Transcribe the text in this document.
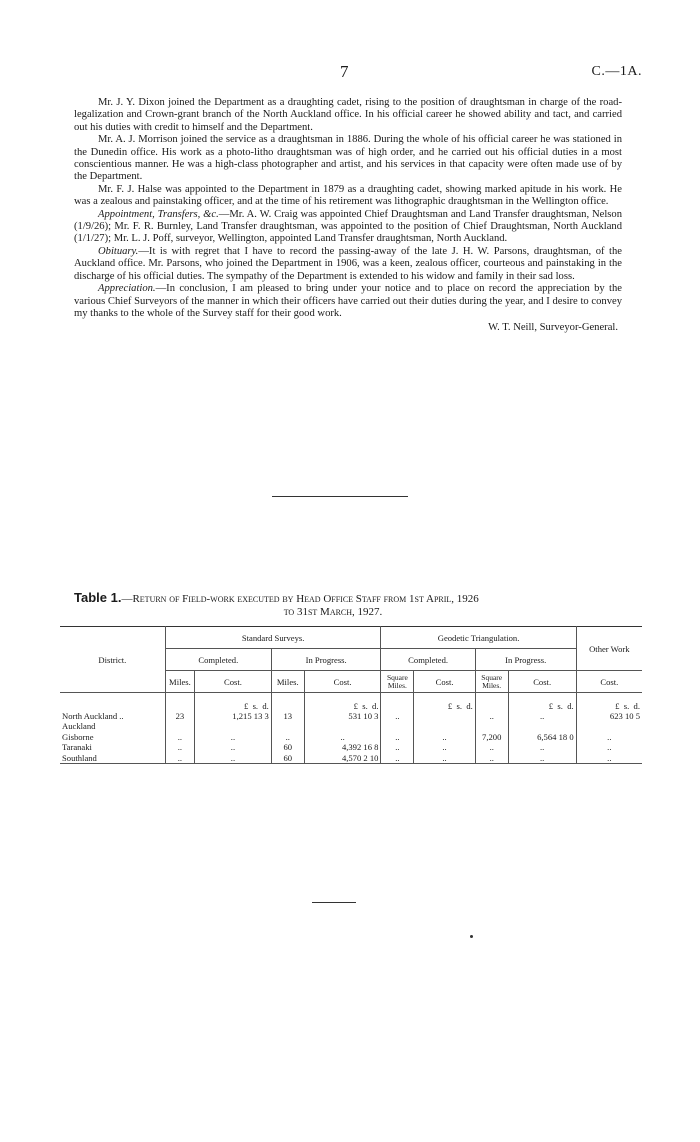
7	C.—1A.

Mr. J. Y. Dixon joined the Department as a draughting cadet, rising to the position of draughtsman in charge of the road-legalization and Crown-grant branch of the North Auckland office. In his official career he showed ability and tact, and carried out his duties with credit to himself and the Department.

Mr. A. J. Morrison joined the service as a draughtsman in 1886. During the whole of his official career he was stationed in the Dunedin office. His work as a photo-litho draughtsman was of high order, and he carried out his official duties in a most conscientious manner. He was a high-class photographer and artist, and his services in that capacity were often made use of by the Department.

Mr. F. J. Halse was appointed to the Department in 1879 as a draughting cadet, showing marked apitude in his work. He was a zealous and painstaking officer, and at the time of his retirement was lithographic draughtsman in the Wellington office.

Appointment, Transfers, &c.—Mr. A. W. Craig was appointed Chief Draughtsman and Land Transfer draughtsman, Nelson (1/9/26); Mr. F. R. Burnley, Land Transfer draughtsman, was appointed to the position of Chief Draughtsman, North Auckland (1/1/27); Mr. L. J. Poff, surveyor, Wellington, appointed Land Transfer draughtsman, North Auckland.

Obituary.—It is with regret that I have to record the passing-away of the late J. H. W. Parsons, draughtsman, of the Auckland office. Mr. Parsons, who joined the Department in 1906, was a keen, zealous officer, courteous and painstaking in the discharge of his official duties. The sympathy of the Department is extended to his widow and family in their sad loss.

Appreciation.—In conclusion, I am pleased to bring under your notice and to place on record the appreciation by the various Chief Surveyors of the manner in which their officers have carried out their duties during the year, and I desire to convey my thanks to the whole of the Survey staff for their good work.

W. T. Neill, Surveyor-General.
Table 1.—Return of Field-work executed by Head Office Staff from 1st April, 1926
to 31st March, 1927.
District.	Standard Surveys.				Geodetic Triangulation.				Other Work
	Completed.		In Progress.		Completed.		In Progress.		
	Miles.	Cost.	Miles.	Cost.	Square Miles.	Cost.	Square Miles.	Cost.	Cost.
		£ s. d.		£ s. d.		£ s. d.		£ s. d.	£ s. d.
North Auckland ..	23	1,215 13 3	13	531 10 3	..		..	..	623 10 5
Auckland									
Gisborne	..	..	..	..	..	..	7,200	6,564 18 0	..
Taranaki	..	..	60	4,392 16 8	..	..	..	..	..
Southland	..	..	60	4,570 2 10	..	..	..	..	..
